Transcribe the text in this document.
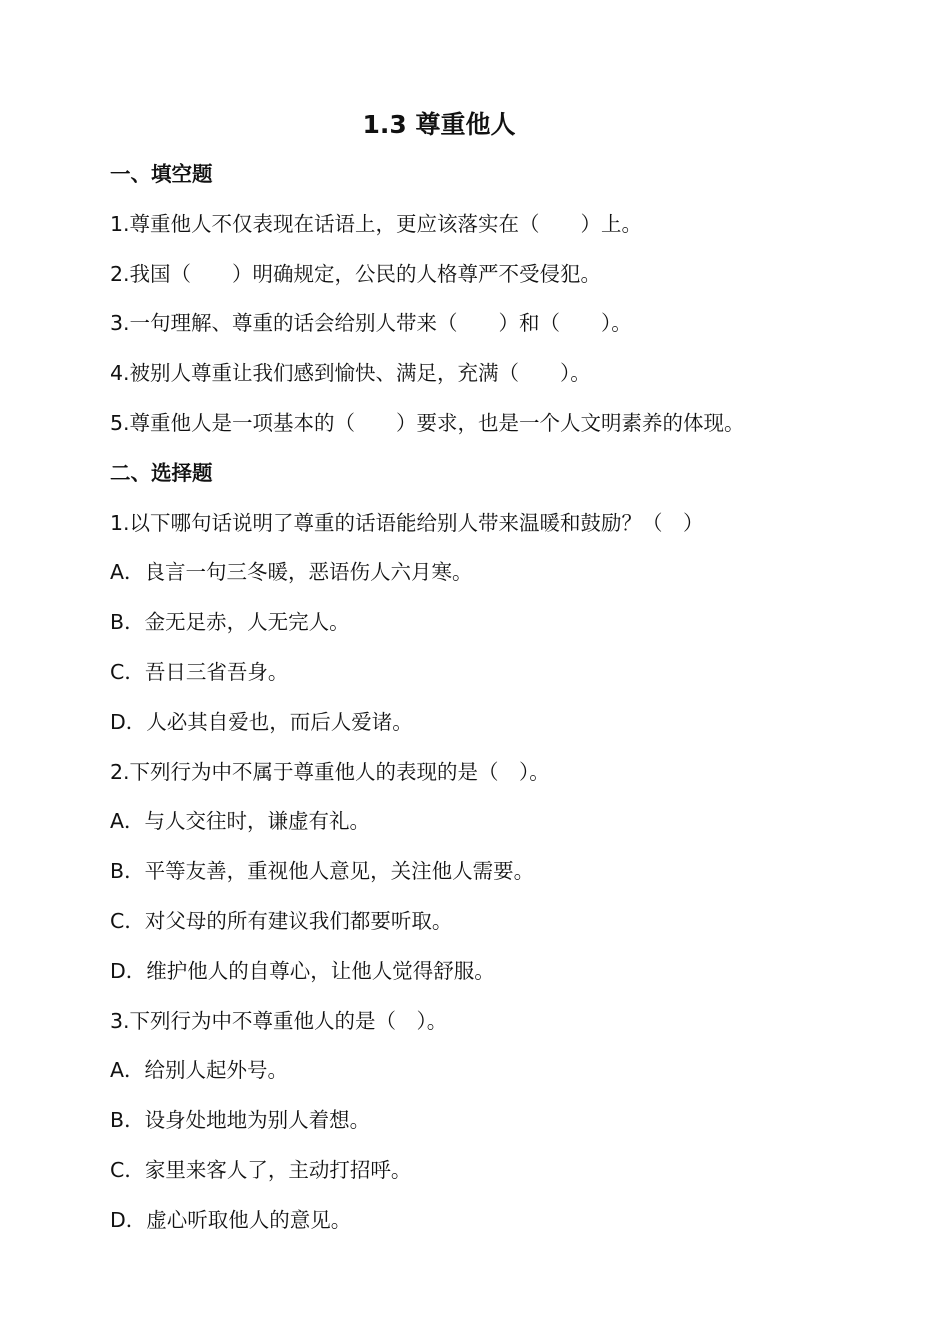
1.3 尊重他人
一、填空题
1.尊重他人不仅表现在话语上，更应该落实在（　　）上。
2.我国（　　）明确规定，公民的人格尊严不受侵犯。
3.一句理解、尊重的话会给别人带来（　　）和（　　）。
4.被别人尊重让我们感到愉快、满足，充满（　　）。
5.尊重他人是一项基本的（　　）要求，也是一个人文明素养的体现。
二、选择题
1.以下哪句话说明了尊重的话语能给别人带来温暖和鼓励？（　）
A．良言一句三冬暖，恶语伤人六月寒。
B．金无足赤，人无完人。
C．吾日三省吾身。
D．人必其自爱也，而后人爱诸。
2.下列行为中不属于尊重他人的表现的是（　）。
A．与人交往时，谦虚有礼。
B．平等友善，重视他人意见，关注他人需要。
C．对父母的所有建议我们都要听取。
D．维护他人的自尊心，让他人觉得舒服。
3.下列行为中不尊重他人的是（　）。
A．给别人起外号。
B．设身处地地为别人着想。
C．家里来客人了，主动打招呼。
D．虚心听取他人的意见。
